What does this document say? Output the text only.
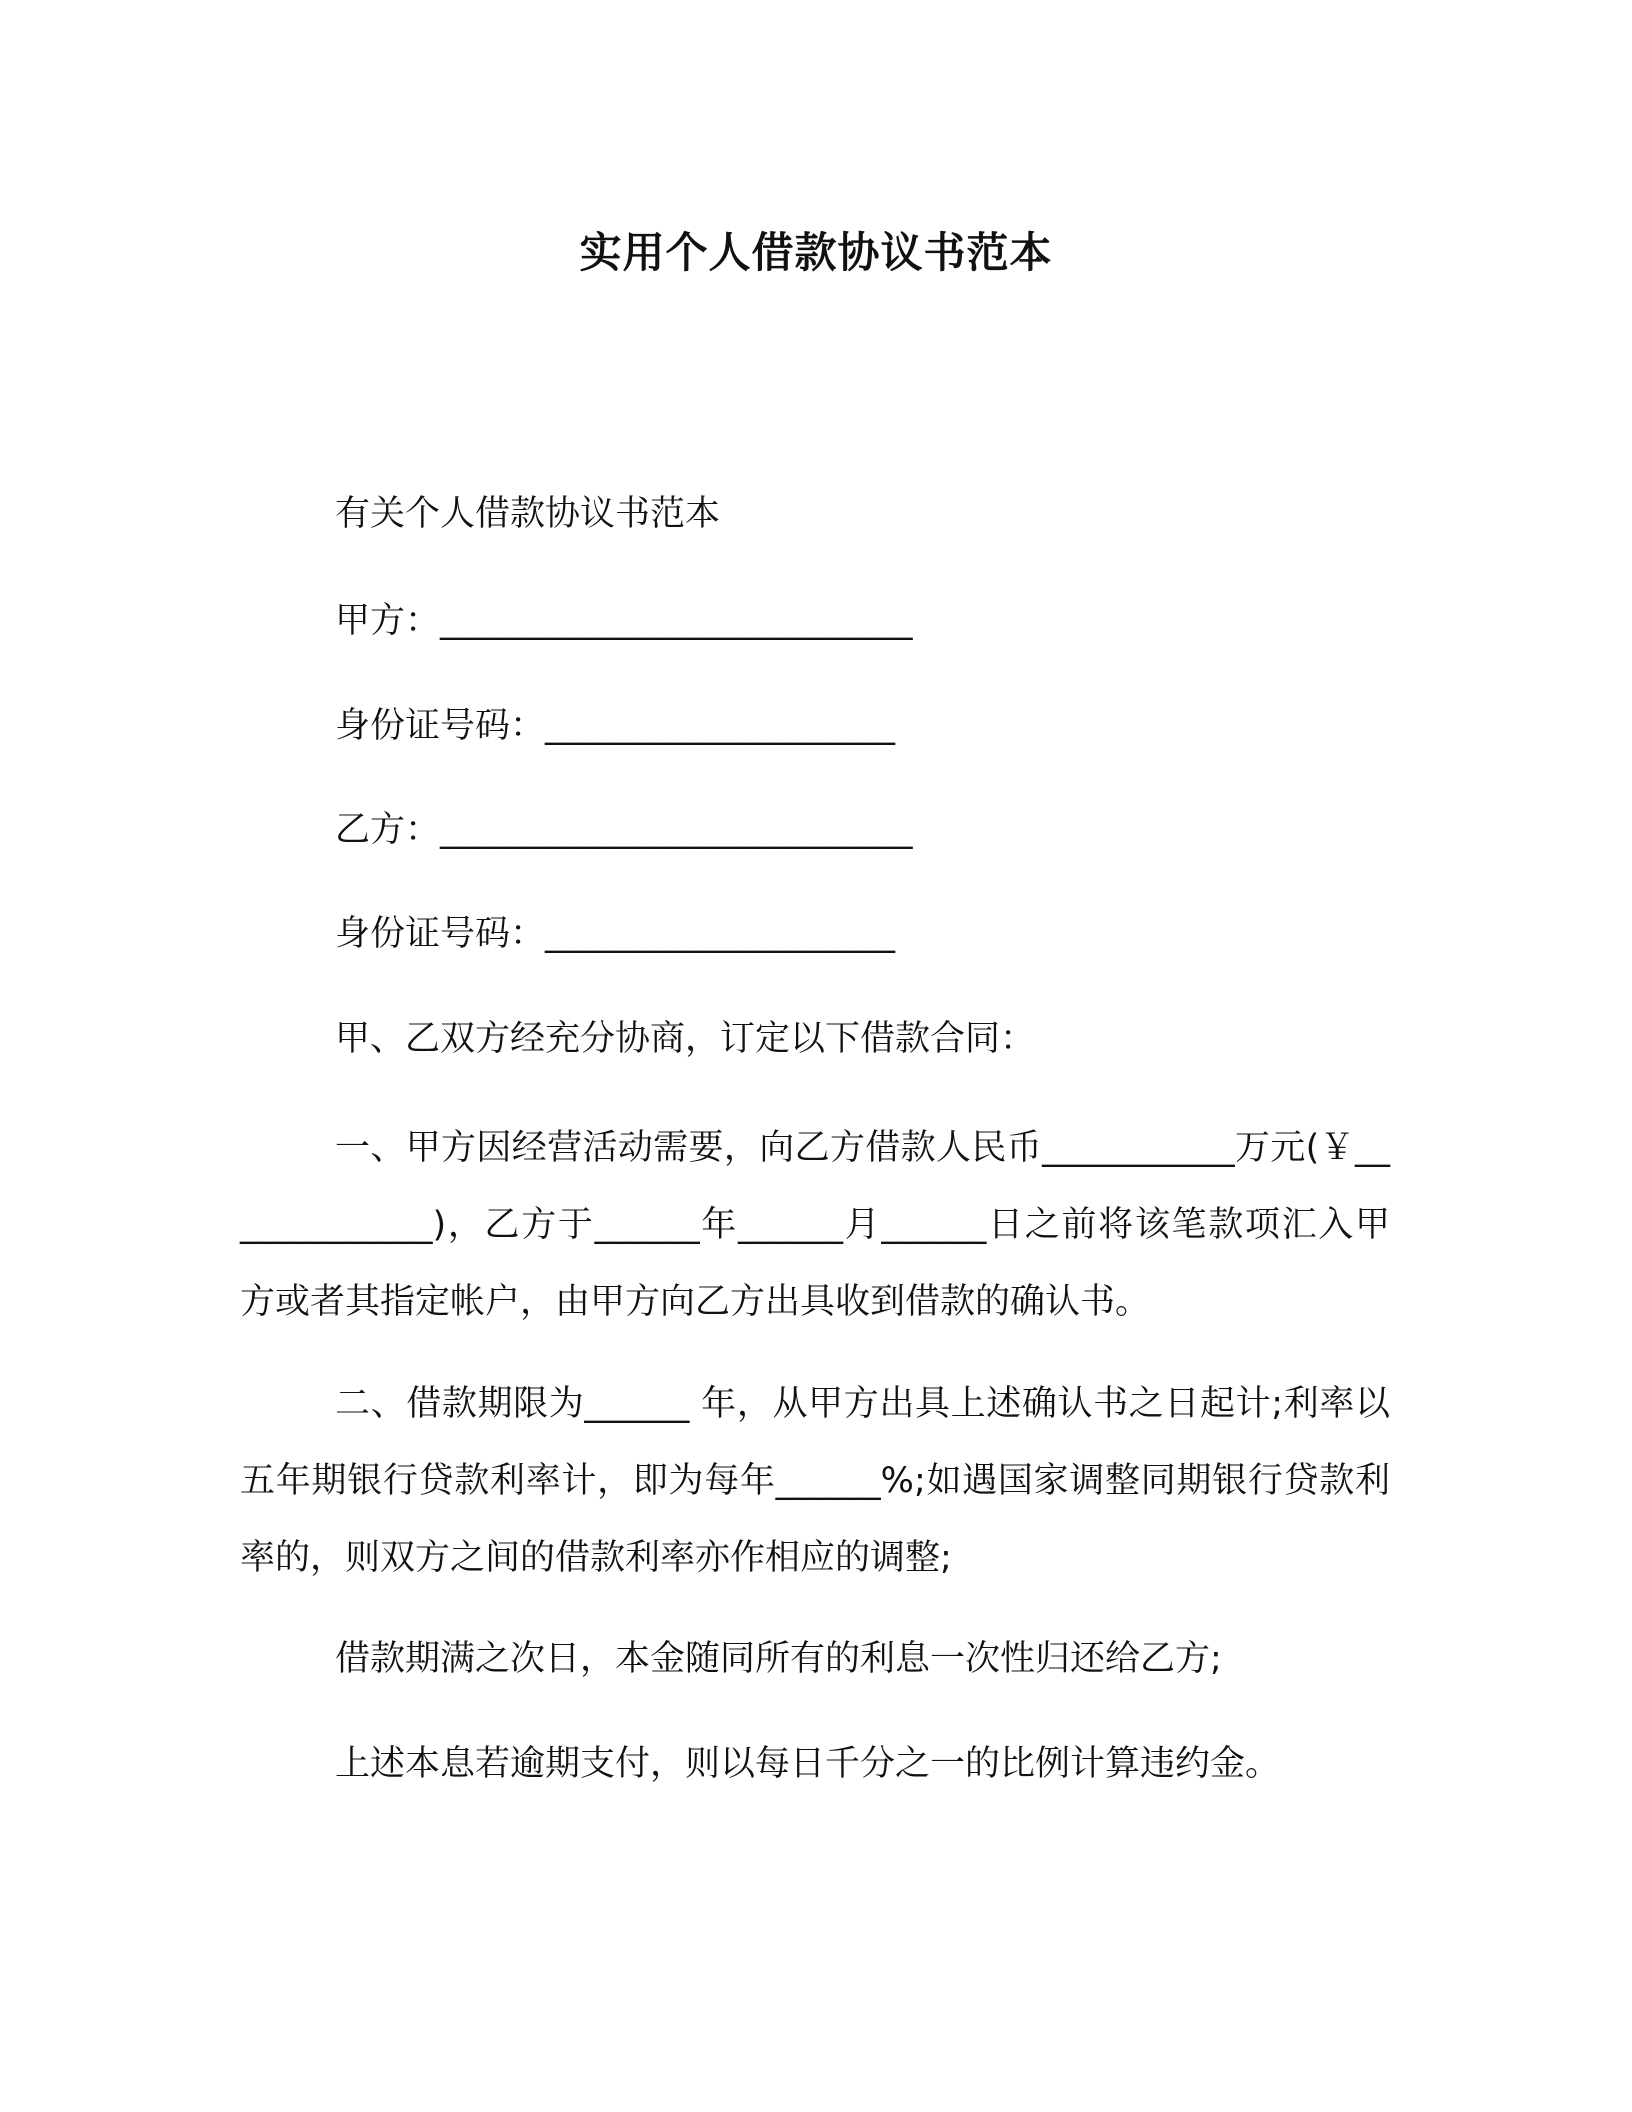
实用个人借款协议书范本
有关个人借款协议书范本
甲方：___________________________
身份证号码：____________________
乙方：___________________________
身份证号码：____________________
甲、乙双方经充分协商，订定以下借款合同：
一、甲方因经营活动需要，向乙方借款人民币___________万元(￥_____________)，乙方于______年______月______日之前将该笔款项汇入甲方或者其指定帐户，由甲方向乙方出具收到借款的确认书。
二、借款期限为______ 年，从甲方出具上述确认书之日起计;利率以五年期银行贷款利率计，即为每年______%;如遇国家调整同期银行贷款利率的，则双方之间的借款利率亦作相应的调整;
借款期满之次日，本金随同所有的利息一次性归还给乙方;
上述本息若逾期支付，则以每日千分之一的比例计算违约金。
